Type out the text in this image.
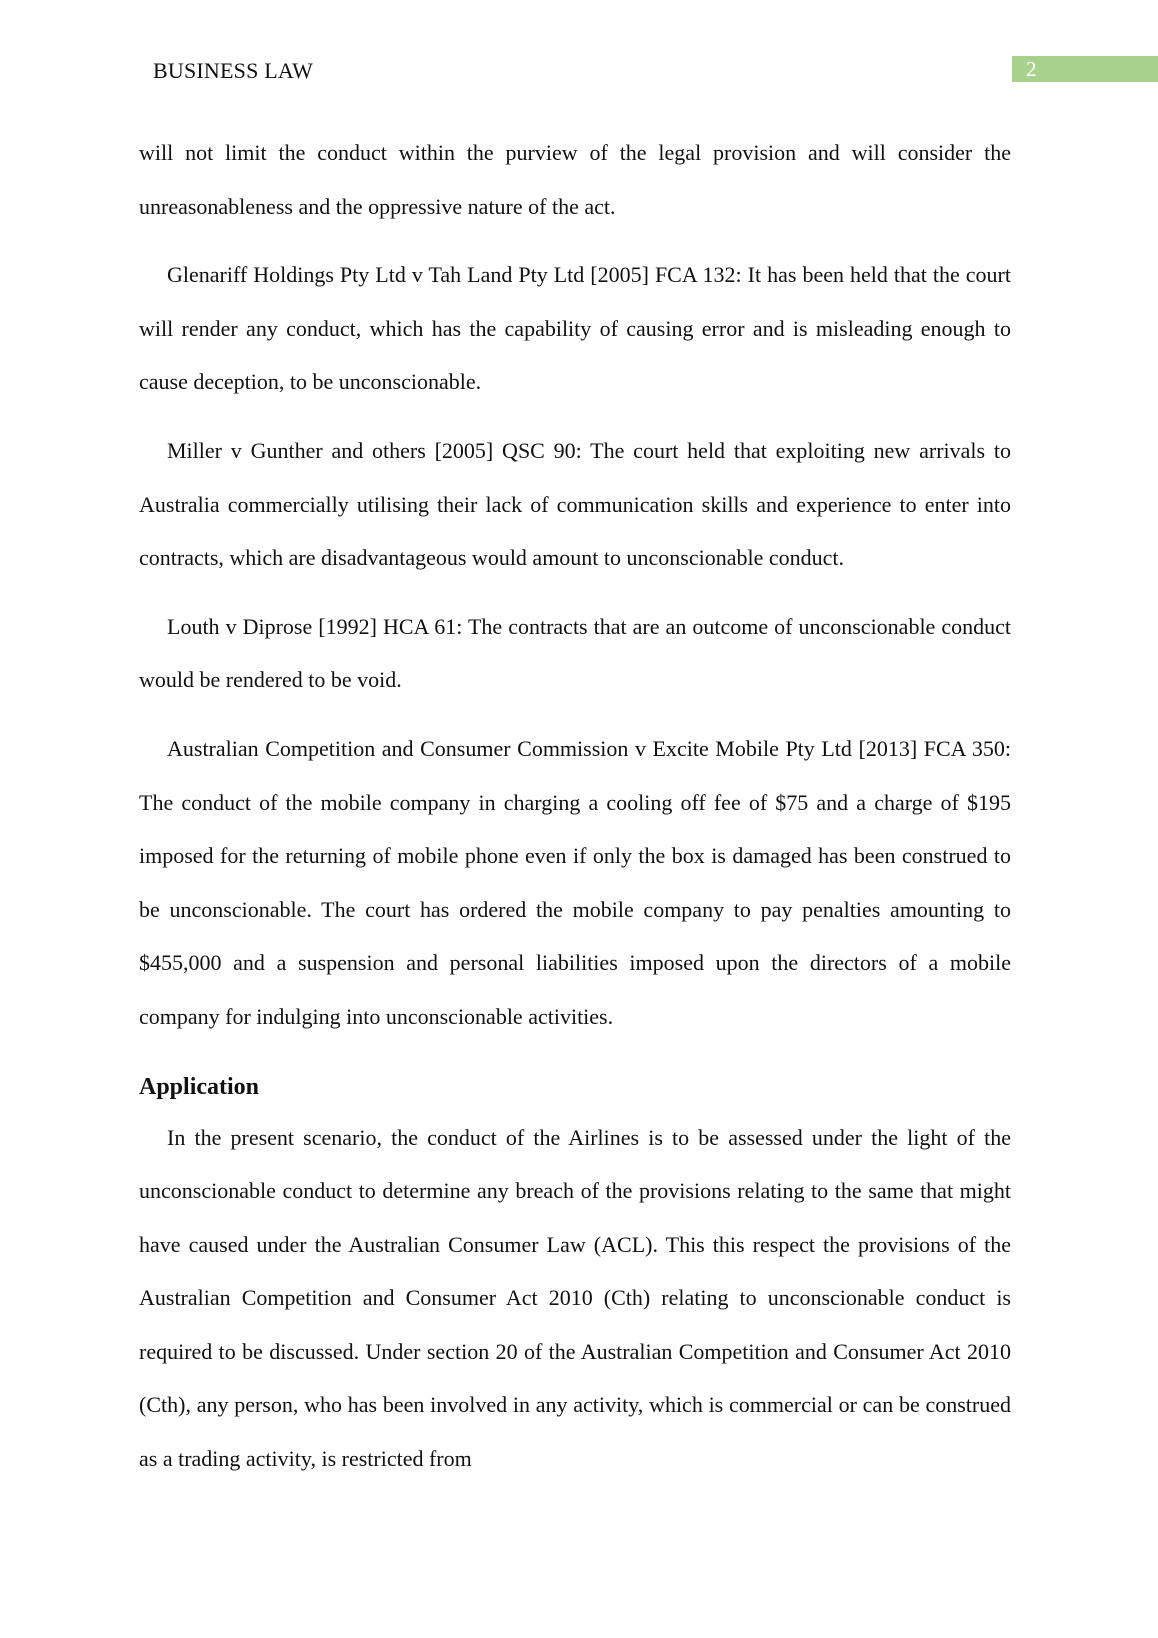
BUSINESS LAW	2

will not limit the conduct within the purview of the legal provision and will consider the unreasonableness and the oppressive nature of the act.

Glenariff Holdings Pty Ltd v Tah Land Pty Ltd [2005] FCA 132: It has been held that the court will render any conduct, which has the capability of causing error and is misleading enough to cause deception, to be unconscionable.

Miller v Gunther and others [2005] QSC 90: The court held that exploiting new arrivals to Australia commercially utilising their lack of communication skills and experience to enter into contracts, which are disadvantageous would amount to unconscionable conduct.

Louth v Diprose [1992] HCA 61: The contracts that are an outcome of unconscionable conduct would be rendered to be void.

Australian Competition and Consumer Commission v Excite Mobile Pty Ltd [2013] FCA 350: The conduct of the mobile company in charging a cooling off fee of $75 and a charge of $195 imposed for the returning of mobile phone even if only the box is damaged has been construed to be unconscionable. The court has ordered the mobile company to pay penalties amounting to $455,000 and a suspension and personal liabilities imposed upon the directors of a mobile company for indulging into unconscionable activities.

Application

In the present scenario, the conduct of the Airlines is to be assessed under the light of the unconscionable conduct to determine any breach of the provisions relating to the same that might have caused under the Australian Consumer Law (ACL). This this respect the provisions of the Australian Competition and Consumer Act 2010 (Cth) relating to unconscionable conduct is required to be discussed. Under section 20 of the Australian Competition and Consumer Act 2010 (Cth), any person, who has been involved in any activity, which is commercial or can be construed as a trading activity, is restricted from
